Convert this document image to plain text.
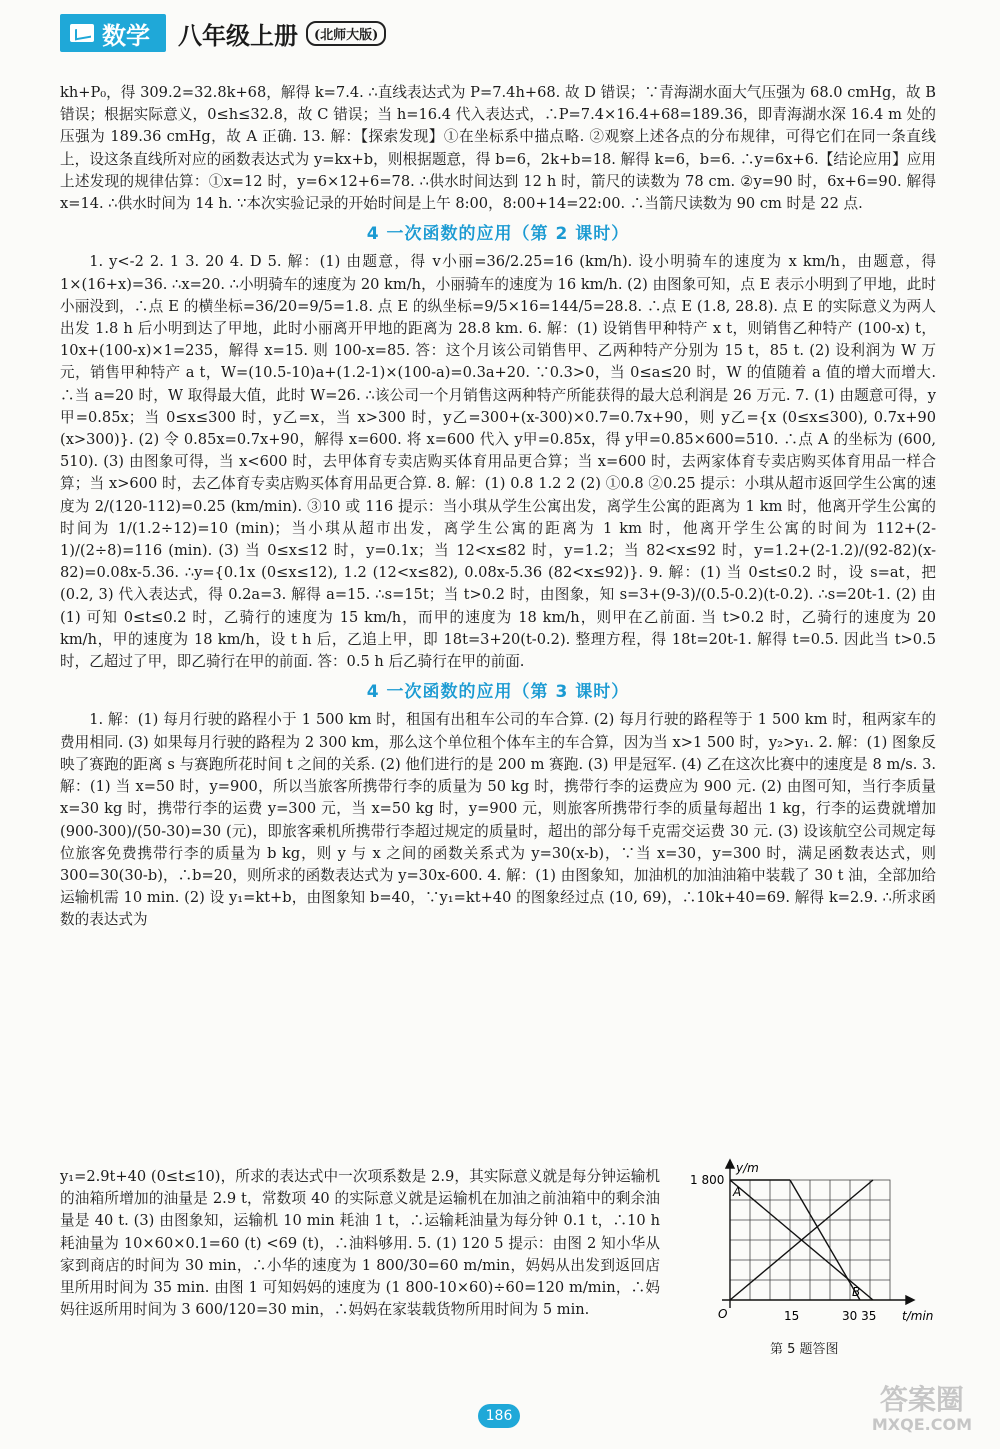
数学 八年级上册	(北师大版)

kh+P₀，得 309.2=32.8k+68，解得 k=7.4. ∴直线表达式为 P=7.4h+68. 故 D 错误；∵青海湖水面大气压强为 68.0 cmHg，故 B 错误；根据实际意义，0≤h≤32.8，故 C 错误；当 h=16.4 代入表达式，∴P=7.4×16.4+68=189.36，即青海湖水深 16.4 m 处的压强为 189.36 cmHg，故 A 正确. 13. 解：【探索发现】①在坐标系中描点略. ②观察上述各点的分布规律，可得它们在同一条直线上，设这条直线所对应的函数表达式为 y=kx+b，则根据题意，得 b=6，2k+b=18. 解得 k=6，b=6. ∴y=6x+6.【结论应用】应用上述发现的规律估算：①x=12 时，y=6×12+6=78. ∴供水时间达到 12 h 时，箭尺的读数为 78 cm. ②y=90 时，6x+6=90. 解得 x=14. ∴供水时间为 14 h. ∵本次实验记录的开始时间是上午 8:00，8:00+14=22:00. ∴当箭尺读数为 90 cm 时是 22 点.

4 一次函数的应用（第 2 课时）

1. y<-2 2. 1 3. 20 4. D 5. 解：(1) 由题意，得 v小丽=36/2.25=16 (km/h). 设小明骑车的速度为 x km/h，由题意，得 1×(16+x)=36. ∴x=20. ∴小明骑车的速度为 20 km/h，小丽骑车的速度为 16 km/h. (2) 由图象可知，点 E 表示小明到了甲地，此时小丽没到，∴点 E 的横坐标=36/20=9/5=1.8. 点 E 的纵坐标=9/5×16=144/5=28.8. ∴点 E (1.8, 28.8). 点 E 的实际意义为两人出发 1.8 h 后小明到达了甲地，此时小丽离开甲地的距离为 28.8 km. 6. 解：(1) 设销售甲种特产 x t，则销售乙种特产 (100-x) t，10x+(100-x)×1=235，解得 x=15. 则 100-x=85. 答：这个月该公司销售甲、乙两种特产分别为 15 t，85 t. (2) 设利润为 W 万元，销售甲种特产 a t，W=(10.5-10)a+(1.2-1)×(100-a)=0.3a+20. ∵0.3>0，当 0≤a≤20 时，W 的值随着 a 值的增大而增大. ∴当 a=20 时，W 取得最大值，此时 W=26. ∴该公司一个月销售这两种特产所能获得的最大总利润是 26 万元. 7. (1) 由题意可得，y甲=0.85x；当 0≤x≤300 时，y乙=x，当 x>300 时，y乙=300+(x-300)×0.7=0.7x+90，则 y乙={x (0≤x≤300), 0.7x+90 (x>300)}. (2) 令 0.85x=0.7x+90，解得 x=600. 将 x=600 代入 y甲=0.85x，得 y甲=0.85×600=510. ∴点 A 的坐标为 (600, 510). (3) 由图象可得，当 x<600 时，去甲体育专卖店购买体育用品更合算；当 x=600 时，去两家体育专卖店购买体育用品一样合算；当 x>600 时，去乙体育专卖店购买体育用品更合算. 8. 解：(1) 0.8 1.2 2 (2) ①0.8 ②0.25 提示：小琪从超市返回学生公寓的速度为 2/(120-112)=0.25 (km/min). ③10 或 116 提示：当小琪从学生公寓出发，离学生公寓的距离为 1 km 时，他离开学生公寓的时间为 1/(1.2÷12)=10 (min)；当小琪从超市出发，离学生公寓的距离为 1 km 时，他离开学生公寓的时间为 112+(2-1)/(2÷8)=116 (min). (3) 当 0≤x≤12 时，y=0.1x；当 12<x≤82 时，y=1.2；当 82<x≤92 时，y=1.2+(2-1.2)/(92-82)(x-82)=0.08x-5.36. ∴y={0.1x (0≤x≤12), 1.2 (12<x≤82), 0.08x-5.36 (82<x≤92)}. 9. 解：(1) 当 0≤t≤0.2 时，设 s=at，把 (0.2, 3) 代入表达式，得 0.2a=3. 解得 a=15. ∴s=15t；当 t>0.2 时，由图象，知 s=3+(9-3)/(0.5-0.2)(t-0.2). ∴s=20t-1. (2) 由 (1) 可知 0≤t≤0.2 时，乙骑行的速度为 15 km/h，而甲的速度为 18 km/h，则甲在乙前面. 当 t>0.2 时，乙骑行的速度为 20 km/h，甲的速度为 18 km/h，设 t h 后，乙追上甲，即 18t=3+20(t-0.2). 整理方程，得 18t=20t-1. 解得 t=0.5. 因此当 t>0.5 时，乙超过了甲，即乙骑行在甲的前面. 答：0.5 h 后乙骑行在甲的前面.

4 一次函数的应用（第 3 课时）

1. 解：(1) 每月行驶的路程小于 1 500 km 时，租国有出租车公司的车合算. (2) 每月行驶的路程等于 1 500 km 时，租两家车的费用相同. (3) 如果每月行驶的路程为 2 300 km，那么这个单位租个体车主的车合算，因为当 x>1 500 时，y₂>y₁. 2. 解：(1) 图象反映了赛跑的距离 s 与赛跑所花时间 t 之间的关系. (2) 他们进行的是 200 m 赛跑. (3) 甲是冠军. (4) 乙在这次比赛中的速度是 8 m/s. 3. 解：(1) 当 x=50 时，y=900，所以当旅客所携带行李的质量为 50 kg 时，携带行李的运费应为 900 元. (2) 由图可知，当行李质量 x=30 kg 时，携带行李的运费 y=300 元，当 x=50 kg 时，y=900 元，则旅客所携带行李的质量每超出 1 kg，行李的运费就增加 (900-300)/(50-30)=30 (元)，即旅客乘机所携带行李超过规定的质量时，超出的部分每千克需交运费 30 元. (3) 设该航空公司规定每位旅客免费携带行李的质量为 b kg，则 y 与 x 之间的函数关系式为 y=30(x-b)，∵当 x=30，y=300 时，满足函数表达式，则 300=30(30-b)，∴b=20，则所求的函数表达式为 y=30x-600. 4. 解：(1) 由图象知，加油机的加油油箱中装载了 30 t 油，全部加给运输机需 10 min. (2) 设 y₁=kt+b，由图象知 b=40，∵y₁=kt+40 的图象经过点 (10, 69)，∴10k+40=69. 解得 k=2.9. ∴所求函数的表达式为

y₁=2.9t+40 (0≤t≤10)，所求的表达式中一次项系数是 2.9，其实际意义就是每分钟运输机的油箱所增加的油量是 2.9 t，常数项 40 的实际意义就是运输机在加油之前油箱中的剩余油量是 40 t. (3) 由图象知，运输机 10 min 耗油 1 t，∴运输耗油量为每分钟 0.1 t，∴10 h 耗油量为 10×60×0.1=60 (t) <69 (t)，∴油料够用. 5. (1) 120 5 提示：由图 2 知小华从家到商店的时间为 30 min，∴小华的速度为 1 800/30=60 m/min，妈妈从出发到返回店里所用时间为 35 min. 由图 1 可知妈妈的速度为 (1 800-10×60)÷60=120 m/min，∴妈妈往返所用时间为 3 600/120=30 min，∴妈妈在家装载货物所用时间为 5 min.

y/m
t/min
1 800
O	15	30 35
A
B
第 5 题答图
186	答案圈
MXQE.COM
